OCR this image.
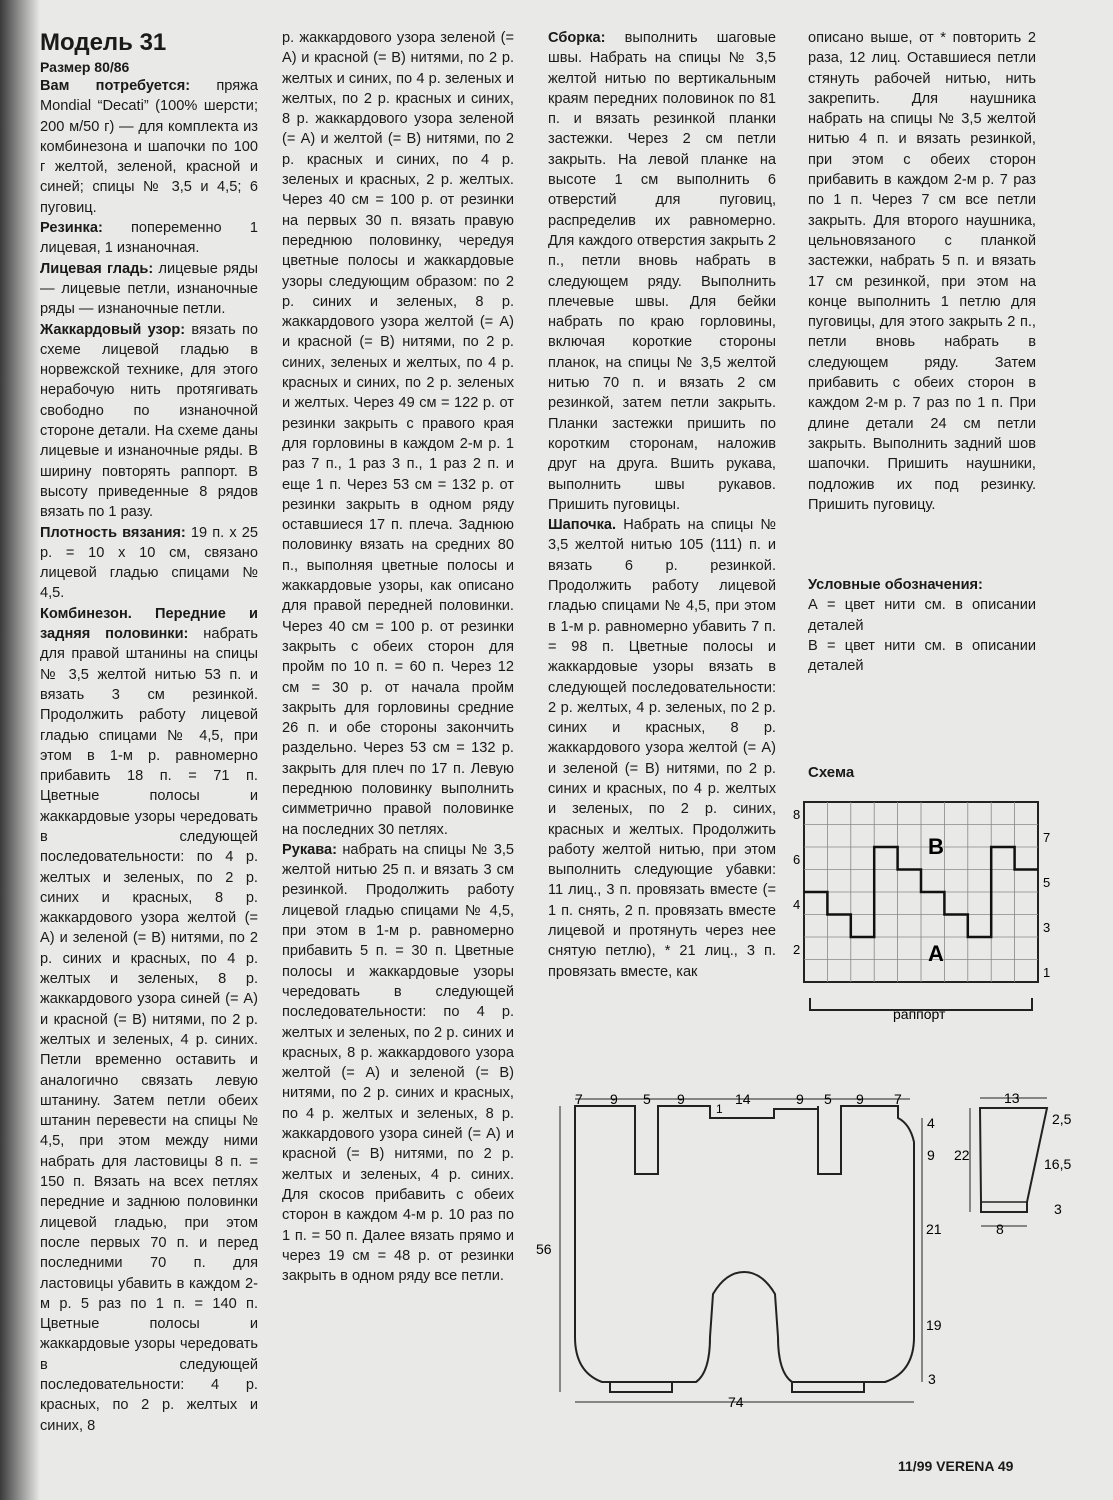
Модель 31

Размер 80/86

Вам потребуется: пряжа Mondial “Decati” (100% шерсти; 200 м/50 г) — для комплекта из комбинезона и шапочки по 100 г желтой, зеленой, красной и синей; спицы № 3,5 и 4,5; 6 пуговиц.

Резинка: попеременно 1 лицевая, 1 изнаночная.

Лицевая гладь: лицевые ряды — лицевые петли, изнаночные ряды — изнаночные петли.

Жаккардовый узор: вязать по схеме лицевой гладью в норвежской технике, для этого нерабочую нить протягивать свободно по изнаночной стороне детали. На схеме даны лицевые и изнаночные ряды. В ширину повторять раппорт. В высоту приведенные 8 рядов вязать по 1 разу.

Плотность вязания: 19 п. х 25 р. = 10 х 10 см, связано лицевой гладью спицами № 4,5.

Комбинезон. Передние и задняя половинки: набрать для правой штанины на спицы № 3,5 желтой нитью 53 п. и вязать 3 см резинкой. Продолжить работу лицевой гладью спицами № 4,5, при этом в 1-м р. равномерно прибавить 18 п. = 71 п. Цветные полосы и жаккардовые узоры чередовать в следующей последовательности: по 4 р. желтых и зеленых, по 2 р. синих и красных, 8 р. жаккардового узора желтой (= А) и зеленой (= В) нитями, по 2 р. синих и красных, по 4 р. желтых и зеленых, 8 р. жаккардового узора синей (= А) и красной (= В) нитями, по 2 р. желтых и зеленых, 4 р. синих. Петли временно оставить и аналогично связать левую штанину. Затем петли обеих штанин перевести на спицы № 4,5, при этом между ними набрать для ластовицы 8 п. = 150 п. Вязать на всех петлях передние и заднюю половинки лицевой гладью, при этом после первых 70 п. и перед последними 70 п. для ластовицы убавить в каждом 2-м р. 5 раз по 1 п. = 140 п. Цветные полосы и жаккардовые узоры чередовать в следующей последовательности: 4 р. красных, по 2 р. желтых и синих, 8

р. жаккардового узора зеленой (= А) и красной (= В) нитями, по 2 р. желтых и синих, по 4 р. зеленых и желтых, по 2 р. красных и синих, 8 р. жаккардового узора зеленой (= А) и желтой (= В) нитями, по 2 р. красных и синих, по 4 р. зеленых и красных, 2 р. желтых. Через 40 см = 100 р. от резинки на первых 30 п. вязать правую переднюю половинку, чередуя цветные полосы и жаккардовые узоры следующим образом: по 2 р. синих и зеленых, 8 р. жаккардового узора желтой (= А) и красной (= В) нитями, по 2 р. синих, зеленых и желтых, по 4 р. красных и синих, по 2 р. зеленых и желтых. Через 49 см = 122 р. от резинки закрыть с правого края для горловины в каждом 2-м р. 1 раз 7 п., 1 раз 3 п., 1 раз 2 п. и еще 1 п. Через 53 см = 132 р. от резинки закрыть в одном ряду оставшиеся 17 п. плеча. Заднюю половинку вязать на средних 80 п., выполняя цветные полосы и жаккардовые узоры, как описано для правой передней половинки. Через 40 см = 100 р. от резинки закрыть с обеих сторон для пройм по 10 п. = 60 п. Через 12 см = 30 р. от начала пройм закрыть для горловины средние 26 п. и обе стороны закончить раздельно. Через 53 см = 132 р. закрыть для плеч по 17 п. Левую переднюю половинку выполнить симметрично правой половинке на последних 30 петлях.

Рукава: набрать на спицы № 3,5 желтой нитью 25 п. и вязать 3 см резинкой. Продолжить работу лицевой гладью спицами № 4,5, при этом в 1-м р. равномерно прибавить 5 п. = 30 п. Цветные полосы и жаккардовые узоры чередовать в следующей последовательности: по 4 р. желтых и зеленых, по 2 р. синих и красных, 8 р. жаккардового узора желтой (= А) и зеленой (= В) нитями, по 2 р. синих и красных, по 4 р. желтых и зеленых, 8 р. жаккардового узора синей (= А) и красной (= В) нитями, по 2 р. желтых и зеленых, 4 р. синих. Для скосов прибавить с обеих сторон в каждом 4-м р. 10 раз по 1 п. = 50 п. Далее вязать прямо и через 19 см = 48 р. от резинки закрыть в одном ряду все петли.

Сборка: выполнить шаговые швы. Набрать на спицы № 3,5 желтой нитью по вертикальным краям передних половинок по 81 п. и вязать резинкой планки застежки. Через 2 см петли закрыть. На левой планке на высоте 1 см выполнить 6 отверстий для пуговиц, распределив их равномерно. Для каждого отверстия закрыть 2 п., петли вновь набрать в следующем ряду. Выполнить плечевые швы. Для бейки набрать по краю горловины, включая короткие стороны планок, на спицы № 3,5 желтой нитью 70 п. и вязать 2 см резинкой, затем петли закрыть. Планки застежки пришить по коротким сторонам, наложив друг на друга. Вшить рукава, выполнить швы рукавов. Пришить пуговицы.

Шапочка. Набрать на спицы № 3,5 желтой нитью 105 (111) п. и вязать 6 р. резинкой. Продолжить работу лицевой гладью спицами № 4,5, при этом в 1-м р. равномерно убавить 7 п. = 98 п. Цветные полосы и жаккардовые узоры вязать в следующей последовательности: 2 р. желтых, 4 р. зеленых, по 2 р. синих и красных, 8 р. жаккардового узора желтой (= А) и зеленой (= В) нитями, по 2 р. синих и красных, по 4 р. желтых и зеленых, по 2 р. синих, красных и желтых. Продолжить работу желтой нитью, при этом выполнить следующие убавки: 11 лиц., 3 п. провязать вместе (= 1 п. снять, 2 п. провязать вместе лицевой и протянуть через нее снятую петлю), * 21 лиц., 3 п. провязать вместе, как

описано выше, от * повторить 2 раза, 12 лиц. Оставшиеся петли стянуть рабочей нитью, нить закрепить. Для наушника набрать на спицы № 3,5 желтой нитью 4 п. и вязать резинкой, при этом с обеих сторон прибавить в каждом 2-м р. 7 раз по 1 п. Через 7 см все петли закрыть. Для второго наушника, цельновязаного с планкой застежки, набрать 5 п. и вязать 17 см резинкой, при этом на конце выполнить 1 петлю для пуговицы, для этого закрыть 2 п., петли вновь набрать в следующем ряду. Затем прибавить с обеих сторон в каждом 2-м р. 7 раз по 1 п. При длине детали 24 см петли закрыть. Выполнить задний шов шапочки. Пришить наушники, подложив их под резинку. Пришить пуговицу.

Условные обозначения:

А = цвет нити см. в описании деталей

В = цвет нити см. в описании деталей

Схема
B
A
8
6
4
2
7
5
3
1
раппорт
7 9 5 9
1
14	9 5 9 7
4
9
21
19
3
56
74
13
2,5
16,5
3
22
8
11/99 VERENA 49
